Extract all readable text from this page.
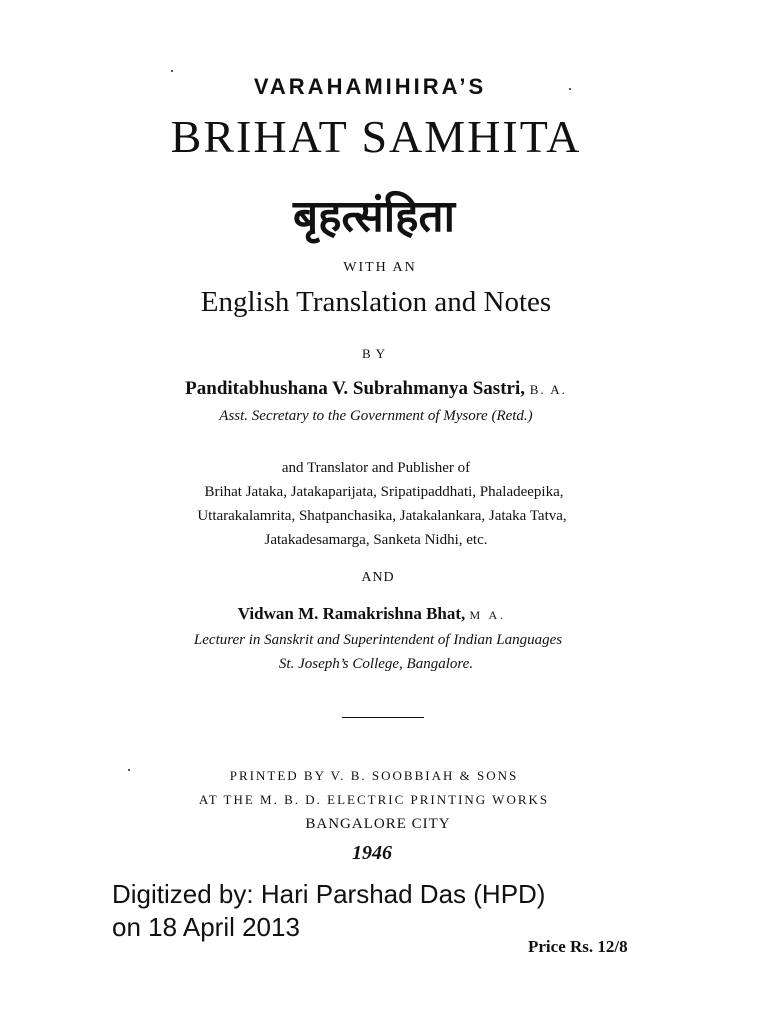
VARAHAMIHIRA’S
BRIHAT SAMHITA
बृहत्संहिता
WITH AN
English Translation and Notes
BY
Panditabhushana V. Subrahmanya Sastri, B. A.
Asst. Secretary to the Government of Mysore (Retd.)
and Translator and Publisher of
Brihat Jataka, Jatakaparijata, Sripatipaddhati, Phaladeepika,
Uttarakalamrita, Shatpanchasika, Jatakalankara, Jataka Tatva,
Jatakadesamarga, Sanketa Nidhi, etc.
AND
Vidwan M. Ramakrishna Bhat, M A.
Lecturer in Sanskrit and Superintendent of Indian Languages
St. Joseph’s College, Bangalore.
PRINTED BY V. B. SOOBBIAH & SONS
AT THE M. B. D. ELECTRIC PRINTING WORKS
BANGALORE CITY
1946
Digitized by: Hari Parshad Das (HPD)
on 18 April 2013
Price Rs. 12/8
